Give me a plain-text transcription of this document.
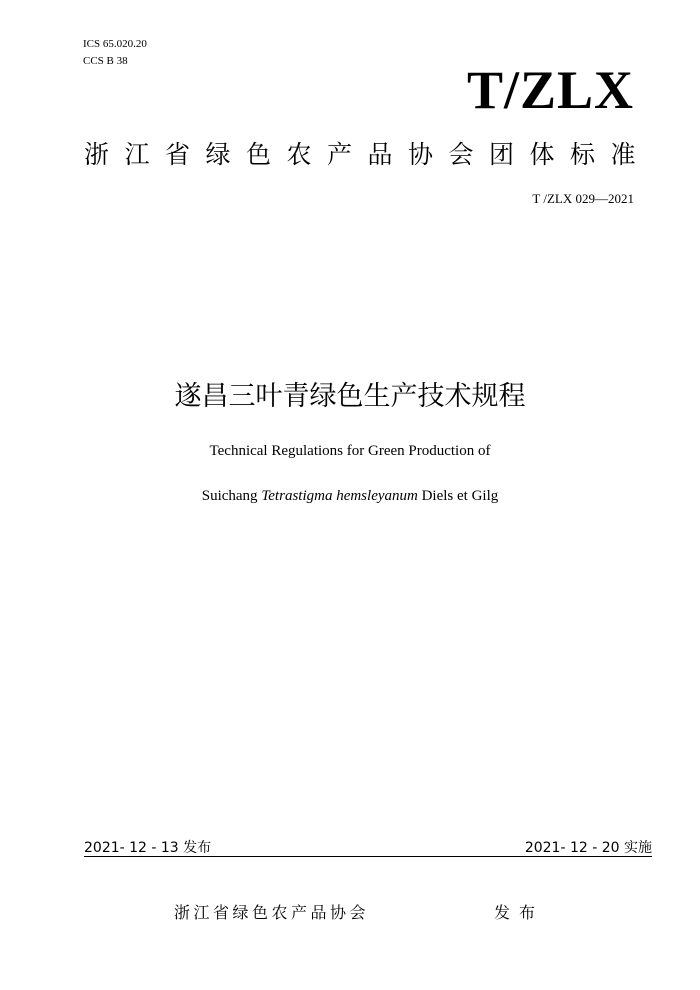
ICS 65.020.20
CCS B 38	T/ZLX
浙江省绿色农产品协会团体标准
T /ZLX 029—2021
遂昌三叶青绿色生产技术规程
Technical Regulations for Green Production of
Suichang Tetrastigma hemsleyanum Diels et Gilg
2021- 12 - 13 发布	2021- 12 - 20 实施
浙江省绿色农产品协会	发布
